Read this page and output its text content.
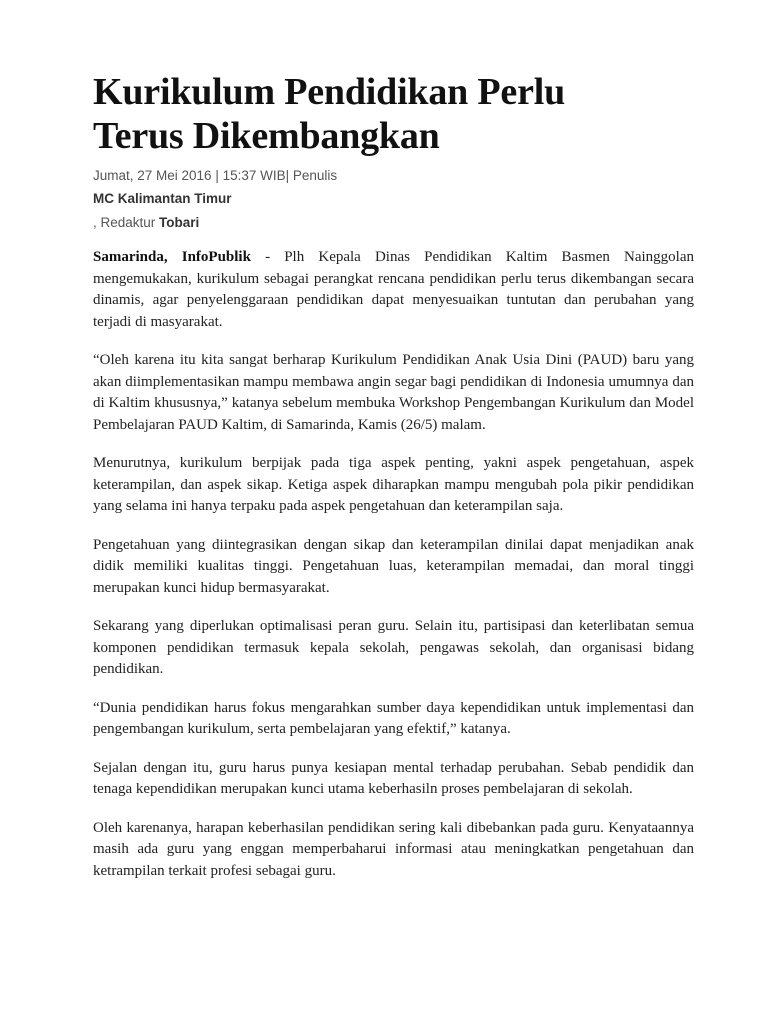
Kurikulum Pendidikan Perlu
Terus Dikembangkan
Jumat, 27 Mei 2016 | 15:37 WIB| Penulis
MC Kalimantan Timur
, Redaktur Tobari

Samarinda, InfoPublik - Plh Kepala Dinas Pendidikan Kaltim Basmen Nainggolan mengemukakan, kurikulum sebagai perangkat rencana pendidikan perlu terus dikembangan secara dinamis, agar penyelenggaraan pendidikan dapat menyesuaikan tuntutan dan perubahan yang terjadi di masyarakat.

“Oleh karena itu kita sangat berharap Kurikulum Pendidikan Anak Usia Dini (PAUD) baru yang akan diimplementasikan mampu membawa angin segar bagi pendidikan di Indonesia umumnya dan di Kaltim khususnya,” katanya sebelum membuka Workshop Pengembangan Kurikulum dan Model Pembelajaran PAUD Kaltim, di Samarinda, Kamis (26/5) malam.

Menurutnya, kurikulum berpijak pada tiga aspek penting, yakni aspek pengetahuan, aspek keterampilan, dan aspek sikap. Ketiga aspek diharapkan mampu mengubah pola pikir pendidikan yang selama ini hanya terpaku pada aspek pengetahuan dan keterampilan saja.

Pengetahuan yang diintegrasikan dengan sikap dan keterampilan dinilai dapat menjadikan anak didik memiliki kualitas tinggi. Pengetahuan luas, keterampilan memadai, dan moral tinggi merupakan kunci hidup bermasyarakat.

Sekarang yang diperlukan optimalisasi peran guru. Selain itu, partisipasi dan keterlibatan semua komponen pendidikan termasuk kepala sekolah, pengawas sekolah, dan organisasi bidang pendidikan.

“Dunia pendidikan harus fokus mengarahkan sumber daya kependidikan untuk implementasi dan pengembangan kurikulum, serta pembelajaran yang efektif,” katanya.

Sejalan dengan itu, guru harus punya kesiapan mental terhadap perubahan. Sebab pendidik dan tenaga kependidikan merupakan kunci utama keberhasiln proses pembelajaran di sekolah.

Oleh karenanya, harapan keberhasilan pendidikan sering kali dibebankan pada guru. Kenyataannya masih ada guru yang enggan memperbaharui informasi atau meningkatkan pengetahuan dan ketrampilan terkait profesi sebagai guru.
